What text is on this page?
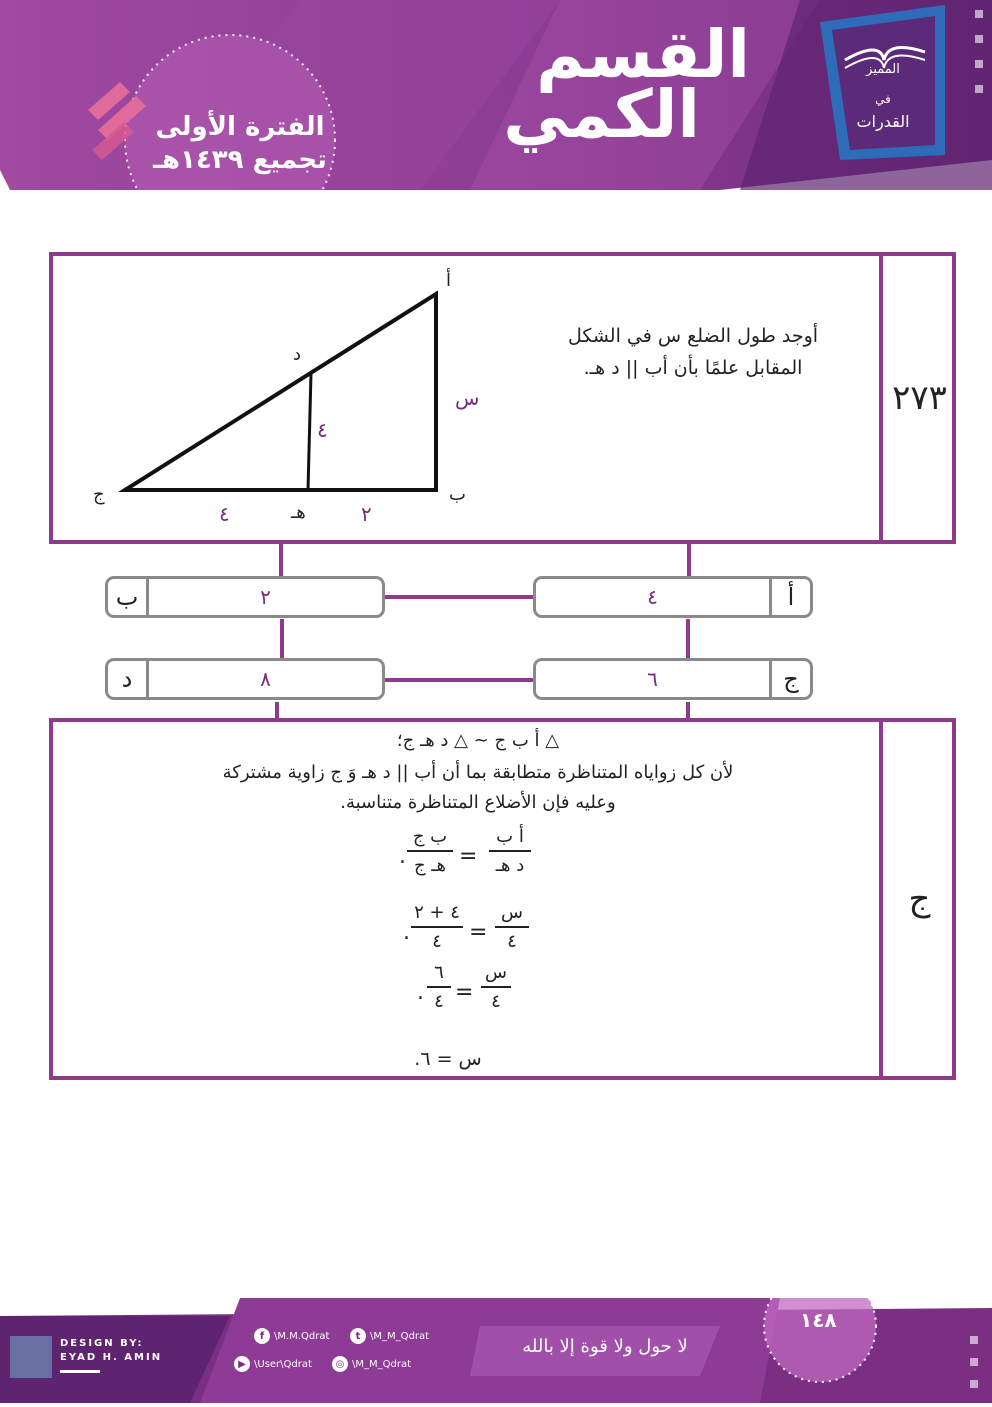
القسم
الكمي
الفترة الأولى
تجميع ١٤٣٩هـ
المميز
في
القدرات
٢٧٣
أوجد طول الضلع س في الشكل
المقابل علمًا بأن أب || د هـ.
أ
ب
ج
د
هـ
س
٤
٤	٢
أ
٤
ب	٢
ج
٦
د	٨
ج
△ أ ب ج ~ △ د هـ ج؛
لأن كل زواياه المتناظرة متطابقة بما أن أب || د هـ وَ ج زاوية مشتركة
وعليه فإن الأضلاع المتناظرة متناسبة.
أ ب
د هـ
=
ب ج
هـ ج
.
س
٤
=
٤ + ٢
٤
.
س
٤
=
٦
٤
.
س = ٦.
١٤٨
DESIGN BY:
EYAD H. AMIN
f \M.M.Qdrat	t \M_M_Qdrat
▶ \User\Qdrat	◎ \M_M_Qdrat
لا حول ولا قوة إلا بالله
